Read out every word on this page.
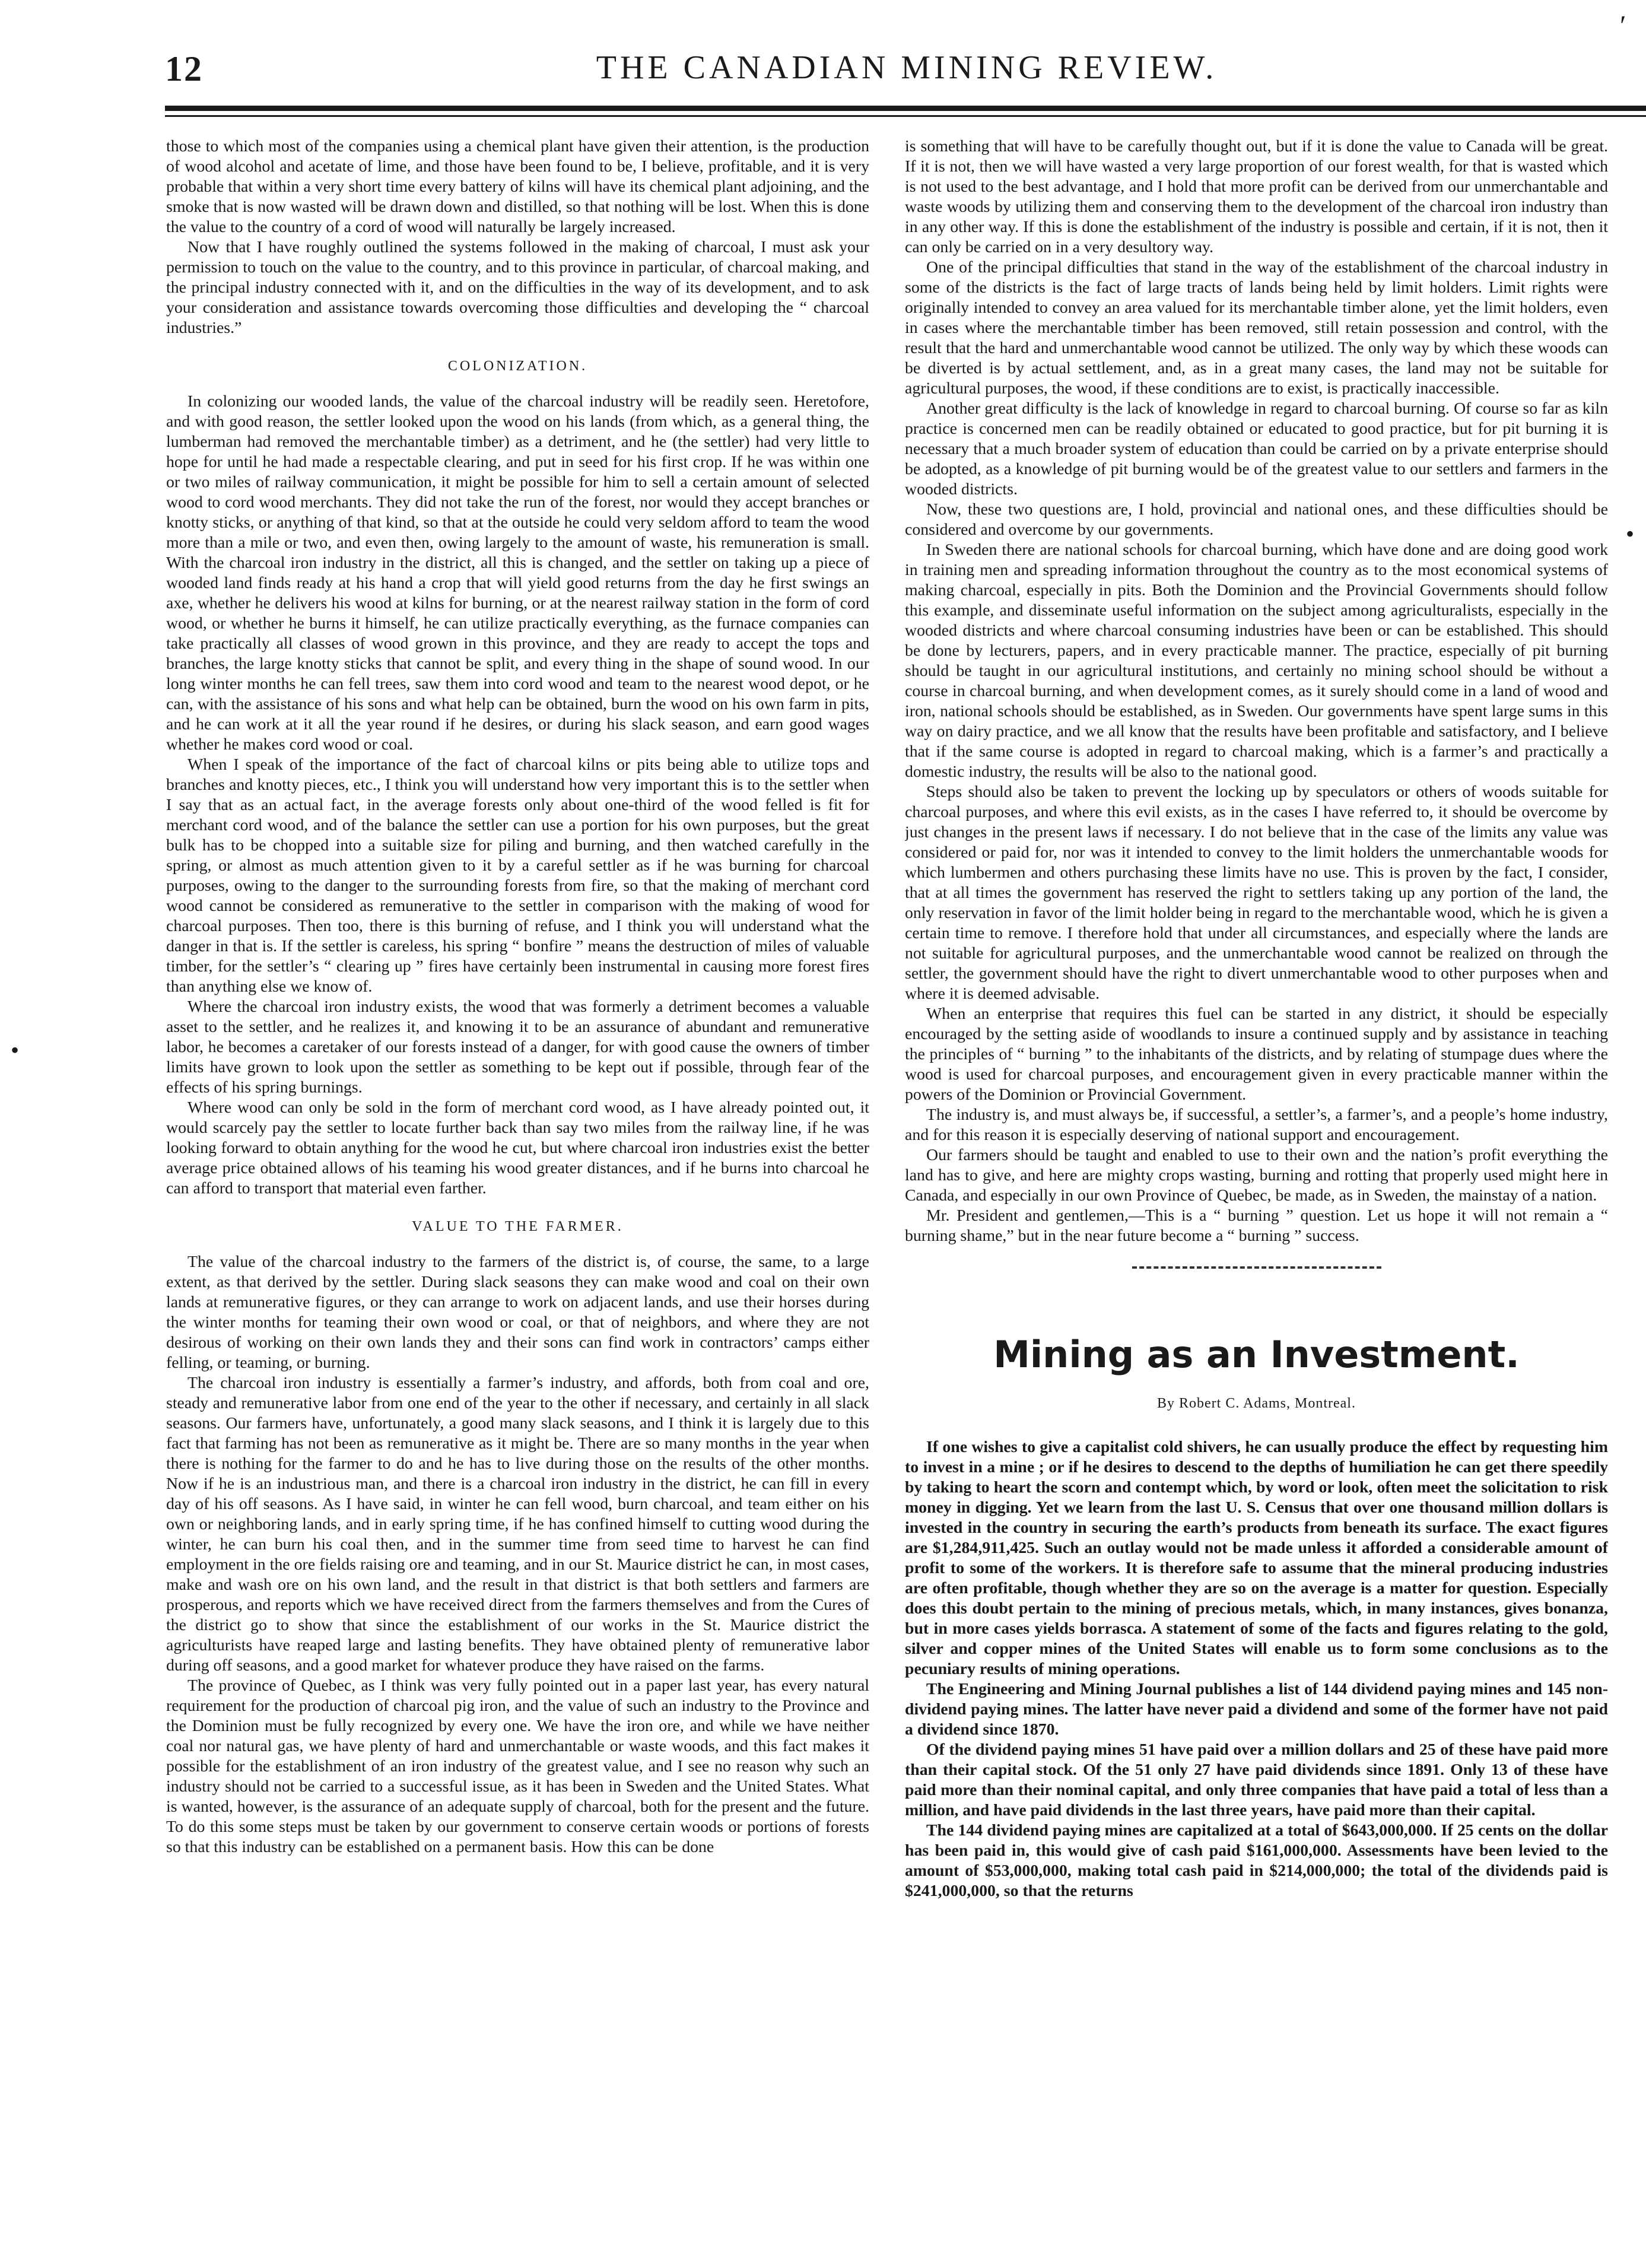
′
•
•
THE CANADIAN MINING REVIEW.
12

those to which most of the companies using a chemical plant have given their attention, is the production of wood alcohol and acetate of lime, and those have been found to be, I believe, profitable, and it is very probable that within a very short time every battery of kilns will have its chemical plant adjoining, and the smoke that is now wasted will be drawn down and distilled, so that nothing will be lost. When this is done the value to the country of a cord of wood will naturally be largely increased.

Now that I have roughly outlined the systems followed in the making of charcoal, I must ask your permission to touch on the value to the country, and to this province in particular, of charcoal making, and the principal industry connected with it, and on the difficulties in the way of its development, and to ask your consideration and assistance towards overcoming those difficulties and developing the “ charcoal industries.”

COLONIZATION.

In colonizing our wooded lands, the value of the charcoal industry will be readily seen. Heretofore, and with good reason, the settler looked upon the wood on his lands (from which, as a general thing, the lumberman had removed the merchantable timber) as a detriment, and he (the settler) had very little to hope for until he had made a respectable clearing, and put in seed for his first crop. If he was within one or two miles of railway communication, it might be possible for him to sell a certain amount of selected wood to cord wood merchants. They did not take the run of the forest, nor would they accept branches or knotty sticks, or anything of that kind, so that at the outside he could very seldom afford to team the wood more than a mile or two, and even then, owing largely to the amount of waste, his remuneration is small. With the charcoal iron industry in the district, all this is changed, and the settler on taking up a piece of wooded land finds ready at his hand a crop that will yield good returns from the day he first swings an axe, whether he delivers his wood at kilns for burning, or at the nearest railway station in the form of cord wood, or whether he burns it himself, he can utilize practically everything, as the furnace companies can take practically all classes of wood grown in this province, and they are ready to accept the tops and branches, the large knotty sticks that cannot be split, and every thing in the shape of sound wood. In our long winter months he can fell trees, saw them into cord wood and team to the nearest wood depot, or he can, with the assistance of his sons and what help can be obtained, burn the wood on his own farm in pits, and he can work at it all the year round if he desires, or during his slack season, and earn good wages whether he makes cord wood or coal.

When I speak of the importance of the fact of charcoal kilns or pits being able to utilize tops and branches and knotty pieces, etc., I think you will understand how very important this is to the settler when I say that as an actual fact, in the average forests only about one-third of the wood felled is fit for merchant cord wood, and of the balance the settler can use a portion for his own purposes, but the great bulk has to be chopped into a suitable size for piling and burning, and then watched carefully in the spring, or almost as much attention given to it by a careful settler as if he was burning for charcoal purposes, owing to the danger to the surrounding forests from fire, so that the making of merchant cord wood cannot be considered as remunerative to the settler in comparison with the making of wood for charcoal purposes. Then too, there is this burning of refuse, and I think you will understand what the danger in that is. If the settler is careless, his spring “ bonfire ” means the destruction of miles of valuable timber, for the settler’s “ clearing up ” fires have certainly been instrumental in causing more forest fires than anything else we know of.

Where the charcoal iron industry exists, the wood that was formerly a detriment becomes a valuable asset to the settler, and he realizes it, and knowing it to be an assurance of abundant and remunerative labor, he becomes a caretaker of our forests instead of a danger, for with good cause the owners of timber limits have grown to look upon the settler as something to be kept out if possible, through fear of the effects of his spring burnings.

Where wood can only be sold in the form of merchant cord wood, as I have already pointed out, it would scarcely pay the settler to locate further back than say two miles from the railway line, if he was looking forward to obtain anything for the wood he cut, but where charcoal iron industries exist the better average price obtained allows of his teaming his wood greater distances, and if he burns into charcoal he can afford to transport that material even farther.

VALUE TO THE FARMER.

The value of the charcoal industry to the farmers of the district is, of course, the same, to a large extent, as that derived by the settler. During slack seasons they can make wood and coal on their own lands at remunerative figures, or they can arrange to work on adjacent lands, and use their horses during the winter months for teaming their own wood or coal, or that of neighbors, and where they are not desirous of working on their own lands they and their sons can find work in contractors’ camps either felling, or teaming, or burning.

The charcoal iron industry is essentially a farmer’s industry, and affords, both from coal and ore, steady and remunerative labor from one end of the year to the other if necessary, and certainly in all slack seasons. Our farmers have, unfortunately, a good many slack seasons, and I think it is largely due to this fact that farming has not been as remunerative as it might be. There are so many months in the year when there is nothing for the farmer to do and he has to live during those on the results of the other months. Now if he is an industrious man, and there is a charcoal iron industry in the district, he can fill in every day of his off seasons. As I have said, in winter he can fell wood, burn charcoal, and team either on his own or neighboring lands, and in early spring time, if he has confined himself to cutting wood during the winter, he can burn his coal then, and in the summer time from seed time to harvest he can find employment in the ore fields raising ore and teaming, and in our St. Maurice district he can, in most cases, make and wash ore on his own land, and the result in that district is that both settlers and farmers are prosperous, and reports which we have received direct from the farmers themselves and from the Cures of the district go to show that since the establishment of our works in the St. Maurice district the agriculturists have reaped large and lasting benefits. They have obtained plenty of remunerative labor during off seasons, and a good market for whatever produce they have raised on the farms.

The province of Quebec, as I think was very fully pointed out in a paper last year, has every natural requirement for the production of charcoal pig iron, and the value of such an industry to the Province and the Dominion must be fully recognized by every one. We have the iron ore, and while we have neither coal nor natural gas, we have plenty of hard and unmerchantable or waste woods, and this fact makes it possible for the establishment of an iron industry of the greatest value, and I see no reason why such an industry should not be carried to a successful issue, as it has been in Sweden and the United States. What is wanted, however, is the assurance of an adequate supply of charcoal, both for the present and the future. To do this some steps must be taken by our government to conserve certain woods or portions of forests so that this industry can be established on a permanent basis. How this can be done

is something that will have to be carefully thought out, but if it is done the value to Canada will be great. If it is not, then we will have wasted a very large proportion of our forest wealth, for that is wasted which is not used to the best advantage, and I hold that more profit can be derived from our unmerchantable and waste woods by utilizing them and conserving them to the development of the charcoal iron industry than in any other way. If this is done the establishment of the industry is possible and certain, if it is not, then it can only be carried on in a very desultory way.

One of the principal difficulties that stand in the way of the establishment of the charcoal industry in some of the districts is the fact of large tracts of lands being held by limit holders. Limit rights were originally intended to convey an area valued for its merchantable timber alone, yet the limit holders, even in cases where the merchantable timber has been removed, still retain possession and control, with the result that the hard and unmerchantable wood cannot be utilized. The only way by which these woods can be diverted is by actual settlement, and, as in a great many cases, the land may not be suitable for agricultural purposes, the wood, if these conditions are to exist, is practically inaccessible.

Another great difficulty is the lack of knowledge in regard to charcoal burning. Of course so far as kiln practice is concerned men can be readily obtained or educated to good practice, but for pit burning it is necessary that a much broader system of education than could be carried on by a private enterprise should be adopted, as a knowledge of pit burning would be of the greatest value to our settlers and farmers in the wooded districts.

Now, these two questions are, I hold, provincial and national ones, and these difficulties should be considered and overcome by our governments.

In Sweden there are national schools for charcoal burning, which have done and are doing good work in training men and spreading information throughout the country as to the most economical systems of making charcoal, especially in pits. Both the Dominion and the Provincial Governments should follow this example, and disseminate useful information on the subject among agriculturalists, especially in the wooded districts and where charcoal consuming industries have been or can be established. This should be done by lecturers, papers, and in every practicable manner. The practice, especially of pit burning should be taught in our agricultural institutions, and certainly no mining school should be without a course in charcoal burning, and when development comes, as it surely should come in a land of wood and iron, national schools should be established, as in Sweden. Our governments have spent large sums in this way on dairy practice, and we all know that the results have been profitable and satisfactory, and I believe that if the same course is adopted in regard to charcoal making, which is a farmer’s and practically a domestic industry, the results will be also to the national good.

Steps should also be taken to prevent the locking up by speculators or others of woods suitable for charcoal purposes, and where this evil exists, as in the cases I have referred to, it should be overcome by just changes in the present laws if necessary. I do not believe that in the case of the limits any value was considered or paid for, nor was it intended to convey to the limit holders the unmerchantable woods for which lumbermen and others purchasing these limits have no use. This is proven by the fact, I consider, that at all times the government has reserved the right to settlers taking up any portion of the land, the only reservation in favor of the limit holder being in regard to the merchantable wood, which he is given a certain time to remove. I therefore hold that under all circumstances, and especially where the lands are not suitable for agricultural purposes, and the unmerchantable wood cannot be realized on through the settler, the government should have the right to divert unmerchantable wood to other purposes when and where it is deemed advisable.

When an enterprise that requires this fuel can be started in any district, it should be especially encouraged by the setting aside of woodlands to insure a continued supply and by assistance in teaching the principles of “ burning ” to the inhabitants of the districts, and by relating of stumpage dues where the wood is used for charcoal purposes, and encouragement given in every practicable manner within the powers of the Dominion or Provincial Government.

The industry is, and must always be, if successful, a settler’s, a farmer’s, and a people’s home industry, and for this reason it is especially deserving of national support and encouragement.

Our farmers should be taught and enabled to use to their own and the nation’s profit everything the land has to give, and here are mighty crops wasting, burning and rotting that properly used might here in Canada, and especially in our own Province of Quebec, be made, as in Sweden, the mainstay of a nation.

Mr. President and gentlemen,—This is a “ burning ” question. Let us hope it will not remain a “ burning shame,” but in the near future become a “ burning ” success.

Mining as an Investment.
By Robert C. Adams, Montreal.

If one wishes to give a capitalist cold shivers, he can usually produce the effect by requesting him to invest in a mine ; or if he desires to descend to the depths of humiliation he can get there speedily by taking to heart the scorn and contempt which, by word or look, often meet the solicitation to risk money in digging. Yet we learn from the last U. S. Census that over one thousand million dollars is invested in the country in securing the earth’s products from beneath its surface. The exact figures are $1,284,911,425. Such an outlay would not be made unless it afforded a considerable amount of profit to some of the workers. It is therefore safe to assume that the mineral producing industries are often profitable, though whether they are so on the average is a matter for question. Especially does this doubt pertain to the mining of precious metals, which, in many instances, gives bonanza, but in more cases yields borrasca. A statement of some of the facts and figures relating to the gold, silver and copper mines of the United States will enable us to form some conclusions as to the pecuniary results of mining operations.

The Engineering and Mining Journal publishes a list of 144 dividend paying mines and 145 non-dividend paying mines. The latter have never paid a dividend and some of the former have not paid a dividend since 1870.

Of the dividend paying mines 51 have paid over a million dollars and 25 of these have paid more than their capital stock. Of the 51 only 27 have paid dividends since 1891. Only 13 of these have paid more than their nominal capital, and only three companies that have paid a total of less than a million, and have paid dividends in the last three years, have paid more than their capital.

The 144 dividend paying mines are capitalized at a total of $643,000,000. If 25 cents on the dollar has been paid in, this would give of cash paid $161,000,000. Assessments have been levied to the amount of $53,000,000, making total cash paid in $214,000,000; the total of the dividends paid is $241,000,000, so that the returns
